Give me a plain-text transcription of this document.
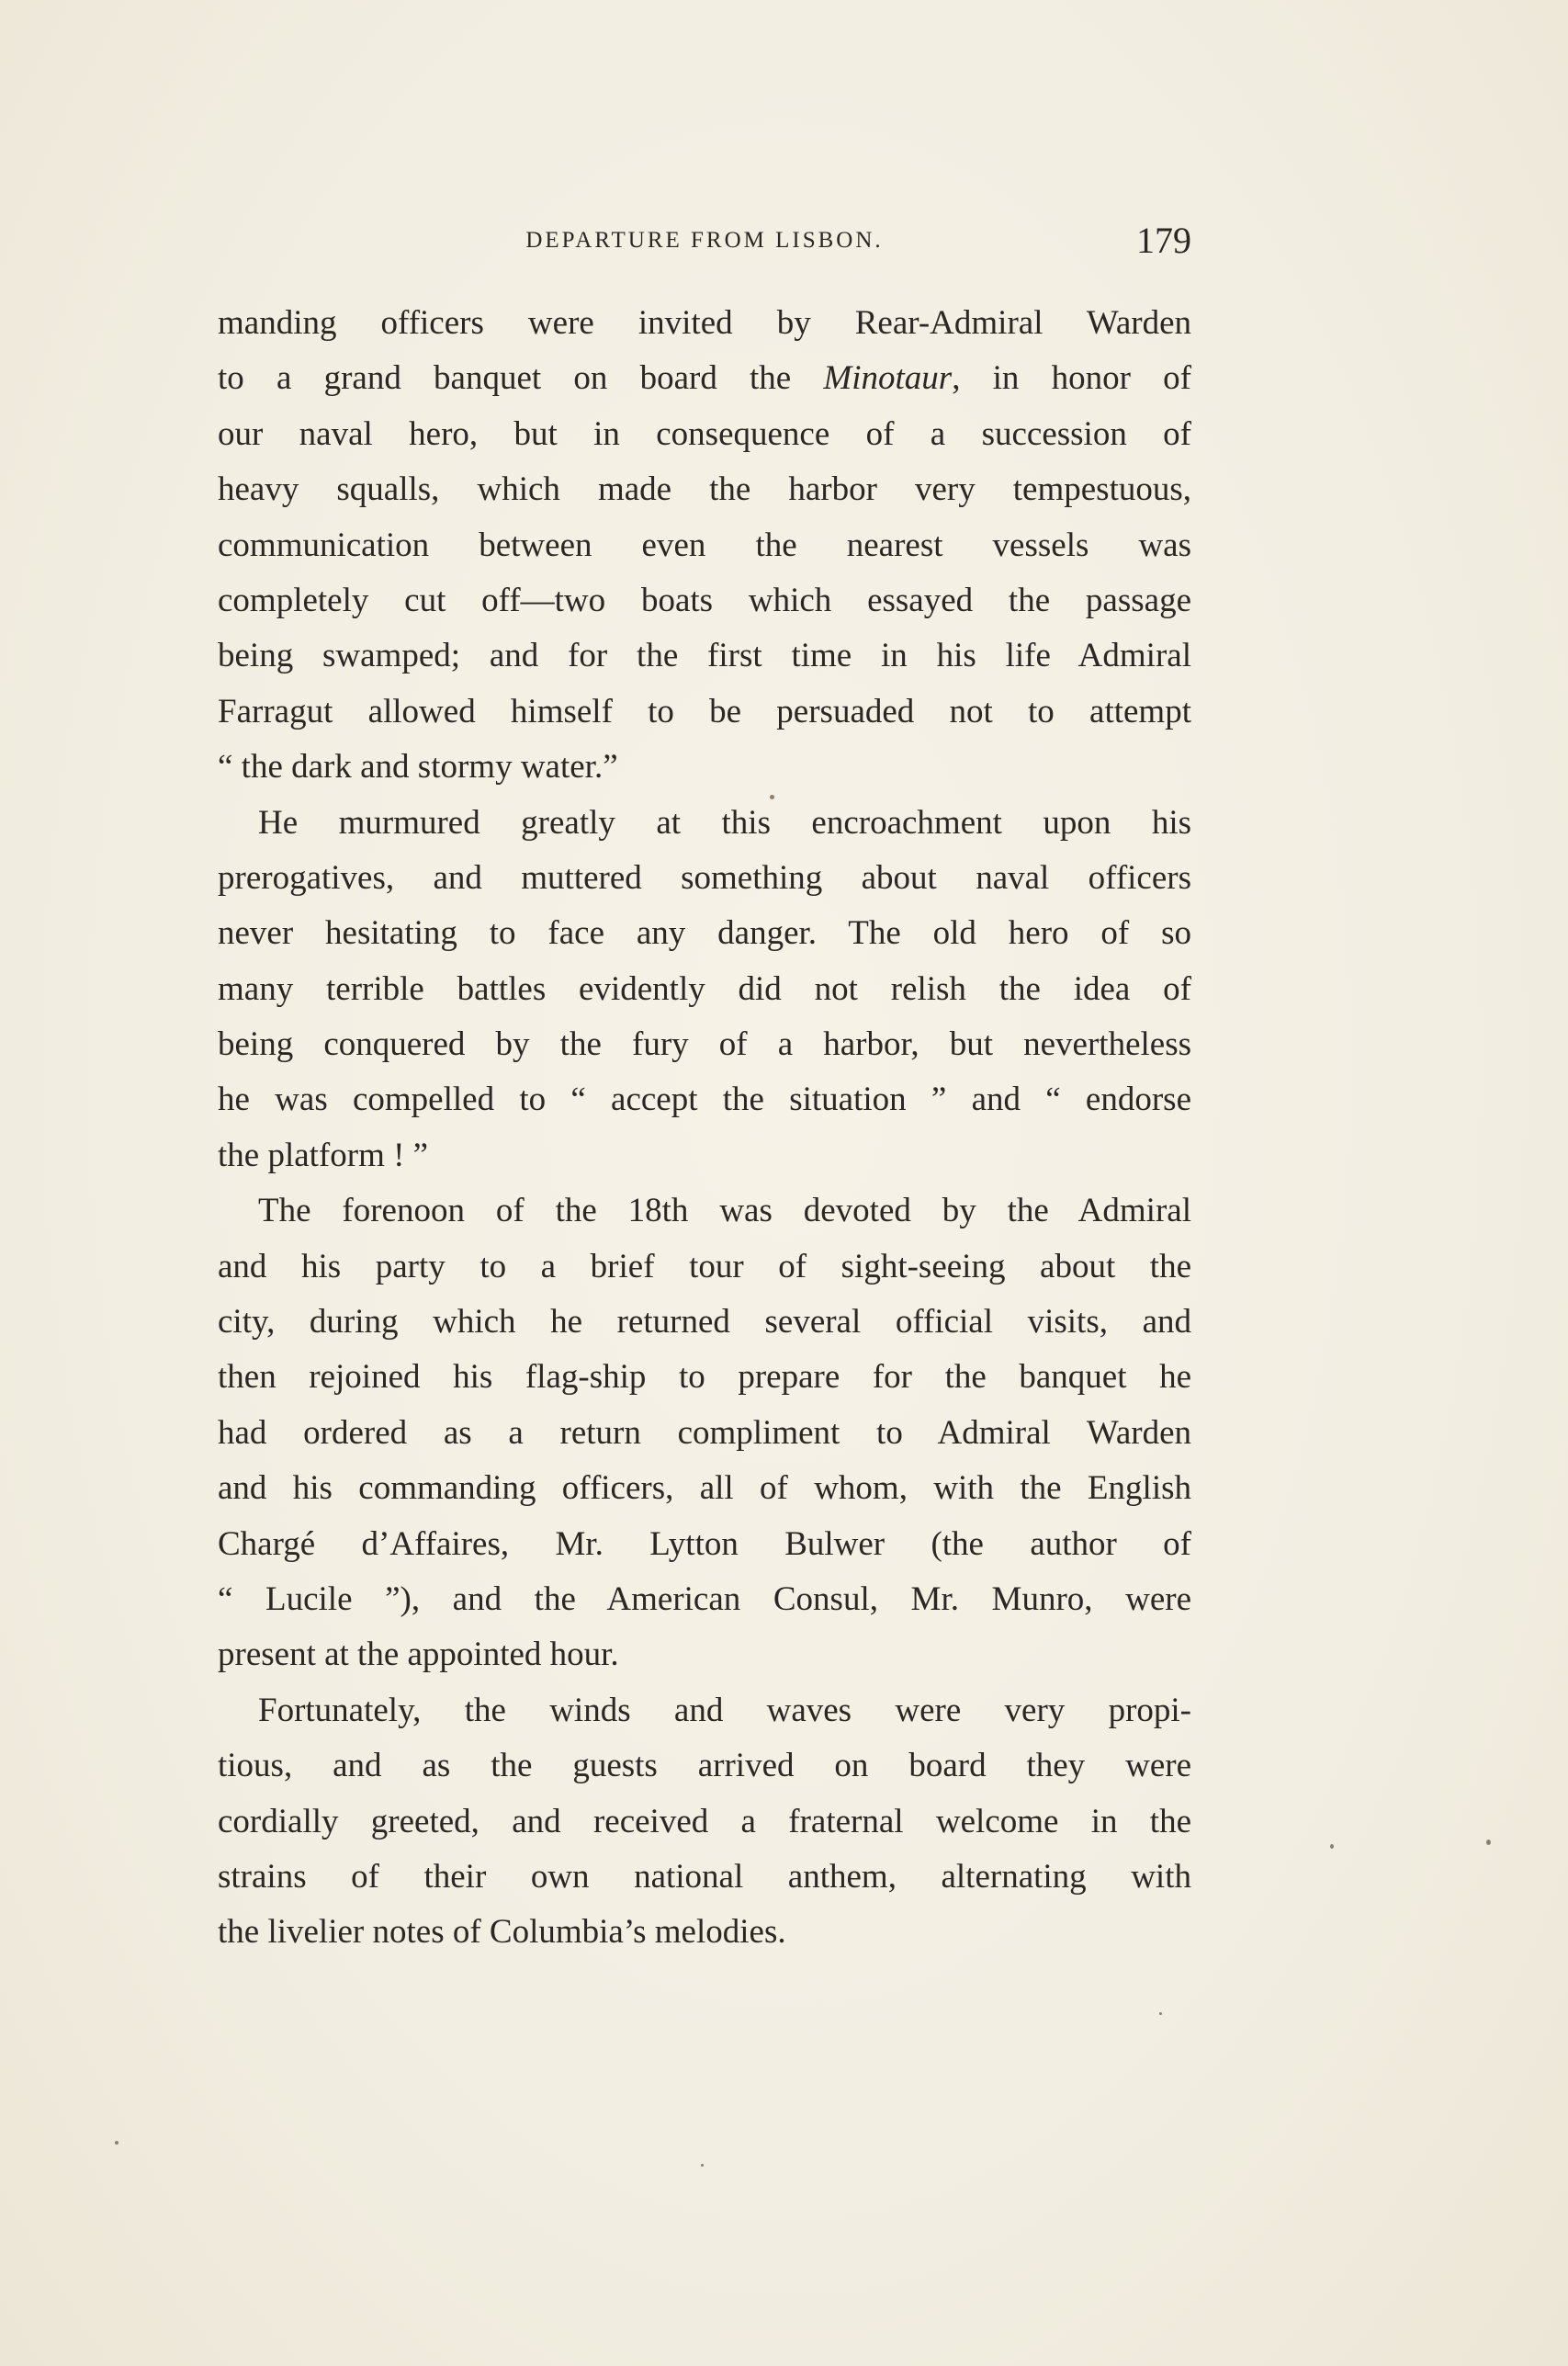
DEPARTURE FROM LISBON.	179
manding officers were invited by Rear-Admiral Warden
to a grand banquet on board the Minotaur, in honor of
our naval hero, but in consequence of a succession of
heavy squalls, which made the harbor very tempestuous,
communication between even the nearest vessels was
completely cut off—two boats which essayed the passage
being swamped; and for the first time in his life Admiral
Farragut allowed himself to be persuaded not to attempt
“ the dark and stormy water.”
He murmured greatly at this encroachment upon his
prerogatives, and muttered something about naval officers
never hesitating to face any danger. The old hero of so
many terrible battles evidently did not relish the idea of
being conquered by the fury of a harbor, but nevertheless
he was compelled to “ accept the situation ” and “ endorse
the platform ! ”
The forenoon of the 18th was devoted by the Admiral
and his party to a brief tour of sight-seeing about the
city, during which he returned several official visits, and
then rejoined his flag-ship to prepare for the banquet he
had ordered as a return compliment to Admiral Warden
and his commanding officers, all of whom, with the English
Chargé d’Affaires, Mr. Lytton Bulwer (the author of
“ Lucile ”), and the American Consul, Mr. Munro, were
present at the appointed hour.
Fortunately, the winds and waves were very propi-
tious, and as the guests arrived on board they were
cordially greeted, and received a fraternal welcome in the
strains of their own national anthem, alternating with
the livelier notes of Columbia’s melodies.
